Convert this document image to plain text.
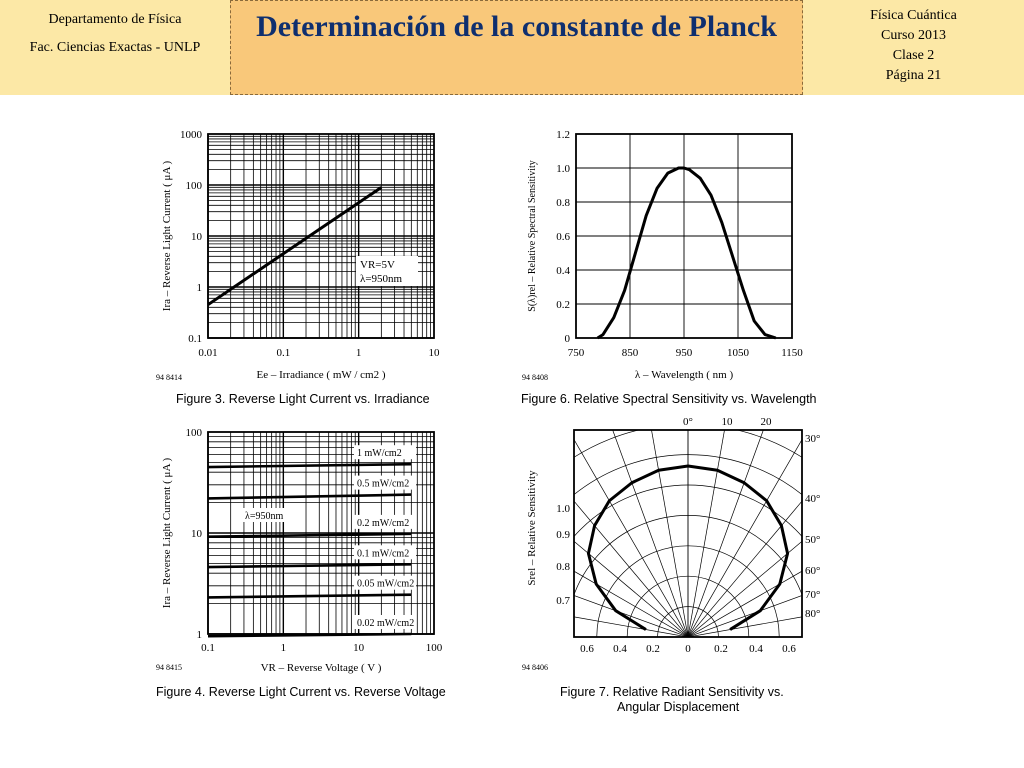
Departamento de Física
Fac. Ciencias Exactas - UNLP
Determinación de la constante de Planck	Física Cuántica
Curso 2013
Clase 2
Página 21
VR=5V
λ=950nm
0.01	0.1	1	10
0.1
1
10
100
1000
Ee – Irradiance ( mW / cm2 )
Ira – Reverse Light Current ( μA )
94 8414
Figure 3. Reverse Light Current vs. Irradiance
750	850	950	1050	1150
0
0.2
0.4
0.6
0.8
1.0
1.2
λ – Wavelength ( nm )
S(λ)rel – Relative Spectral Sensitivity
94 8408
Figure 6. Relative Spectral Sensitivity vs. Wavelength
1 mW/cm2
0.5 mW/cm2
0.2 mW/cm2
0.1 mW/cm2
0.05 mW/cm2
0.02 mW/cm2
λ=950nm
0.1	1	10	100
1
10
100
VR – Reverse Voltage ( V )
Ira – Reverse Light Current ( μA )
94 8415
Figure 4. Reverse Light Current vs. Reverse Voltage
0°	10	20
30°
40°
50°
60°
70°
80°
0.7
0.8
0.9
1.0
0.6 0.4 0.2 0 0.2 0.4 0.6
Srel – Relative Sensitivity
94 8406
Figure 7. Relative Radiant Sensitivity vs.
Angular Displacement
